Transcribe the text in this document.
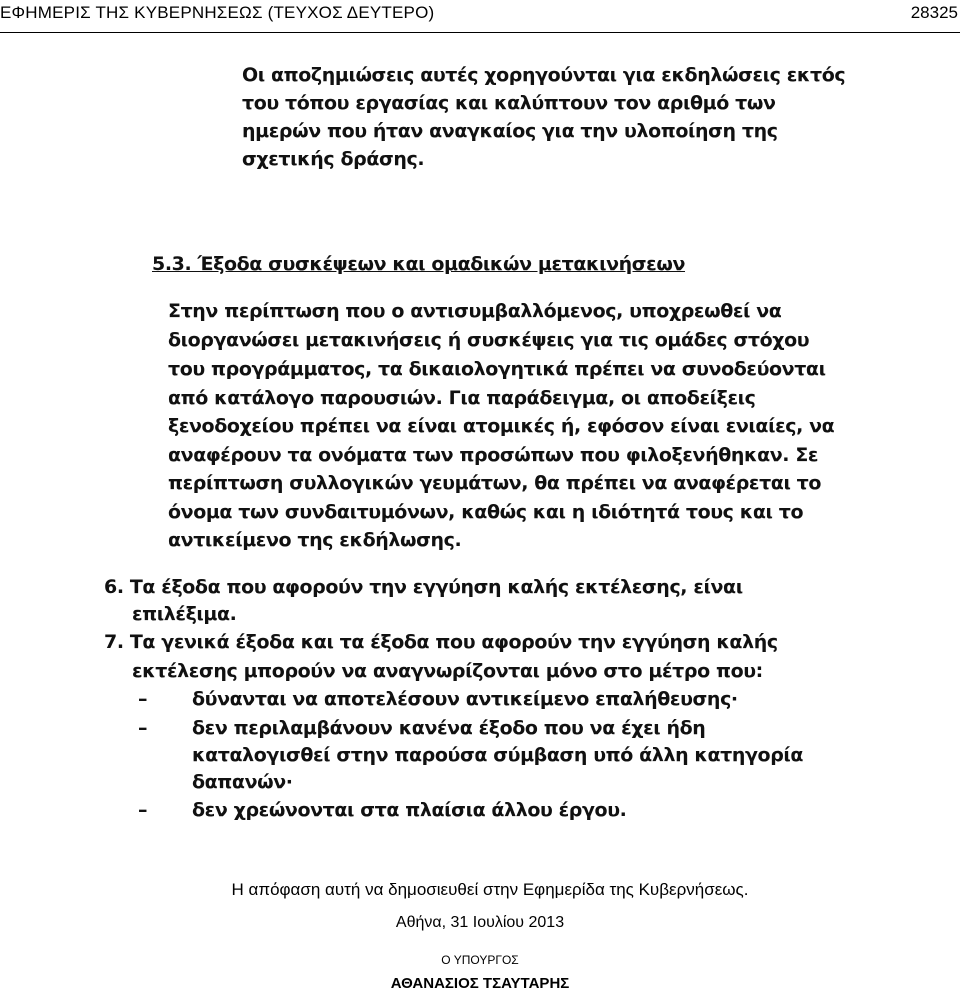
ΕΦΗΜΕΡΙΣ ΤΗΣ ΚΥΒΕΡΝΗΣΕΩΣ (ΤΕΥΧΟΣ ΔΕΥΤΕΡΟ)	28325
Οι αποζημιώσεις αυτές χορηγούνται για εκδηλώσεις εκτός
του τόπου εργασίας και καλύπτουν τον αριθμό των
ημερών που ήταν αναγκαίος για την υλοποίηση της
σχετικής δράσης.
5.3. Έξοδα συσκέψεων και ομαδικών μετακινήσεων
Στην περίπτωση που ο αντισυμβαλλόμενος, υποχρεωθεί να
διοργανώσει μετακινήσεις ή συσκέψεις για τις ομάδες στόχου
του προγράμματος, τα δικαιολογητικά πρέπει να συνοδεύονται
από κατάλογο παρουσιών. Για παράδειγμα, οι αποδείξεις
ξενοδοχείου πρέπει να είναι ατομικές ή, εφόσον είναι ενιαίες, να
αναφέρουν τα ονόματα των προσώπων που φιλοξενήθηκαν. Σε
περίπτωση συλλογικών γευμάτων, θα πρέπει να αναφέρεται το
όνομα των συνδαιτυμόνων, καθώς και η ιδιότητά τους και το
αντικείμενο της εκδήλωσης.
6. Τα έξοδα που αφορούν την εγγύηση καλής εκτέλεσης, είναι
επιλέξιμα.
7. Τα γενικά έξοδα και τα έξοδα που αφορούν την εγγύηση καλής
εκτέλεσης μπορούν να αναγνωρίζονται μόνο στο μέτρο που:
– δύνανται να αποτελέσουν αντικείμενο επαλήθευσης·
– δεν περιλαμβάνουν κανένα έξοδο που να έχει ήδη
καταλογισθεί στην παρούσα σύμβαση υπό άλλη κατηγορία
δαπανών·
– δεν χρεώνονται στα πλαίσια άλλου έργου.
Η απόφαση αυτή να δημοσιευθεί στην Εφημερίδα της Κυβερνήσεως.
Αθήνα, 31 Ιουλίου 2013
Ο ΥΠΟΥΡΓΟΣ
ΑΘΑΝΑΣΙΟΣ ΤΣΑΥΤΑΡΗΣ
